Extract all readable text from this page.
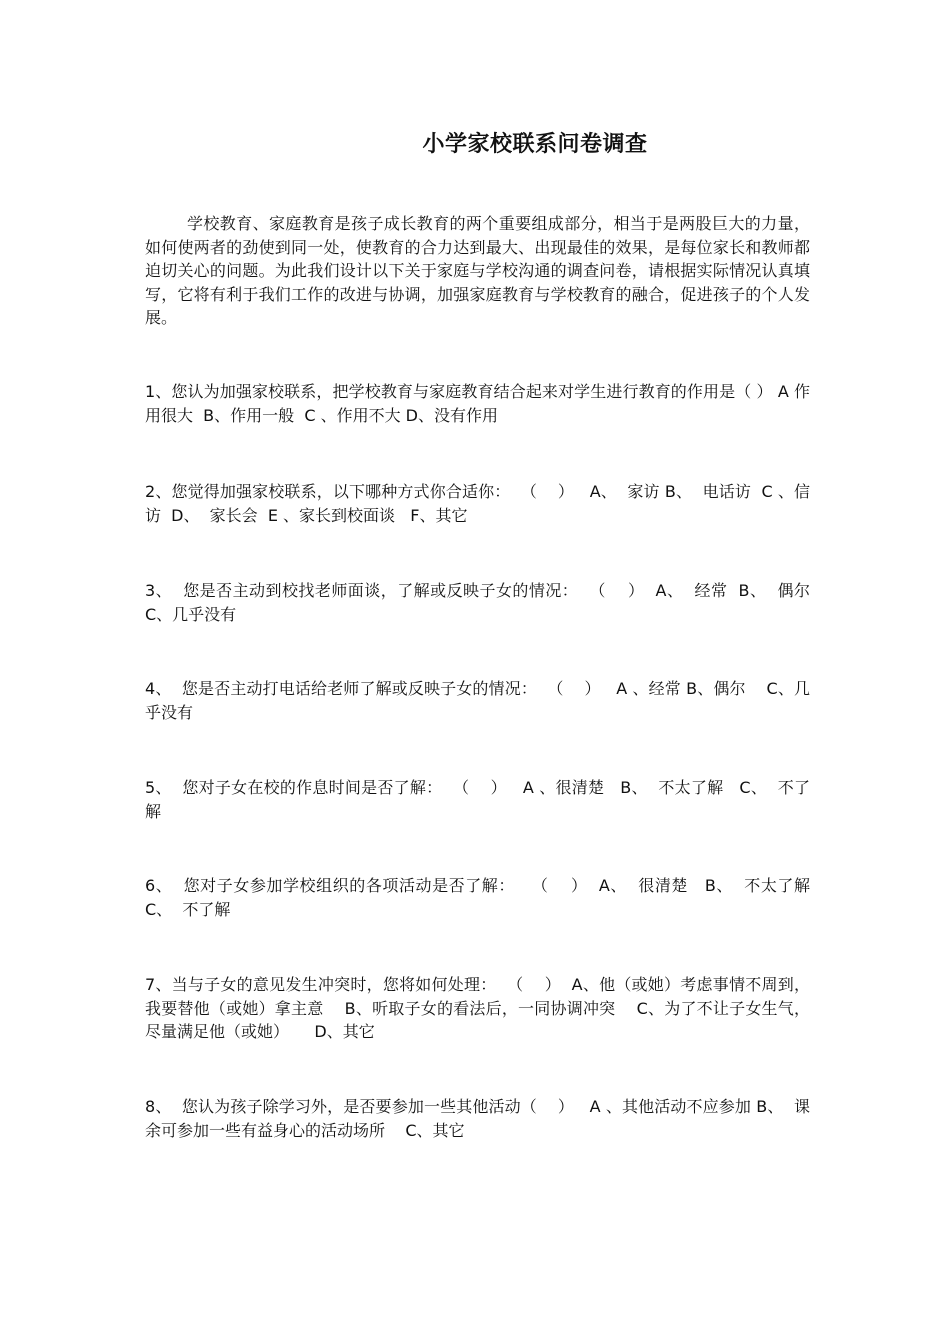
小学家校联系问卷调查

学校教育、家庭教育是孩子成长教育的两个重要组成部分，相当于是两股巨大的力量，如何使两者的劲使到同一处，使教育的合力达到最大、出现最佳的效果，是每位家长和教师都迫切关心的问题。为此我们设计以下关于家庭与学校沟通的调查问卷，请根据实际情况认真填写，它将有利于我们工作的改进与协调，加强家庭教育与学校教育的融合，促进孩子的个人发展。

1、您认为加强家校联系，把学校教育与家庭教育结合起来对学生进行教育的作用是（ ） A 作用很大  B、作用一般  C 、作用不大 D、没有作用

2、您觉得加强家校联系，以下哪种方式你合适你：  （    ）   A、  家访 B、  电话访  C 、信访  D、  家长会  E 、家长到校面谈   F、其它

3、  您是否主动到校找老师面谈，了解或反映子女的情况：  （    ）  A、  经常  B、  偶尔   C、几乎没有

4、  您是否主动打电话给老师了解或反映子女的情况：  （    ）   A 、经常 B、偶尔    C、几乎没有

5、  您对子女在校的作息时间是否了解：  （    ）   A 、很清楚   B、  不太了解   C、  不了解

6、  您对子女参加学校组织的各项活动是否了解：   （    ）  A、  很清楚   B、  不太了解  C、  不了解

7、当与子女的意见发生冲突时，您将如何处理：  （    ）  A、他（或她）考虑事情不周到，我要替他（或她）拿主意    B、听取子女的看法后，一同协调冲突    C、为了不让子女生气，尽量满足他（或她）     D、其它

8、  您认为孩子除学习外，是否要参加一些其他活动（    ）   A 、其他活动不应参加 B、  课余可参加一些有益身心的活动场所    C、其它
